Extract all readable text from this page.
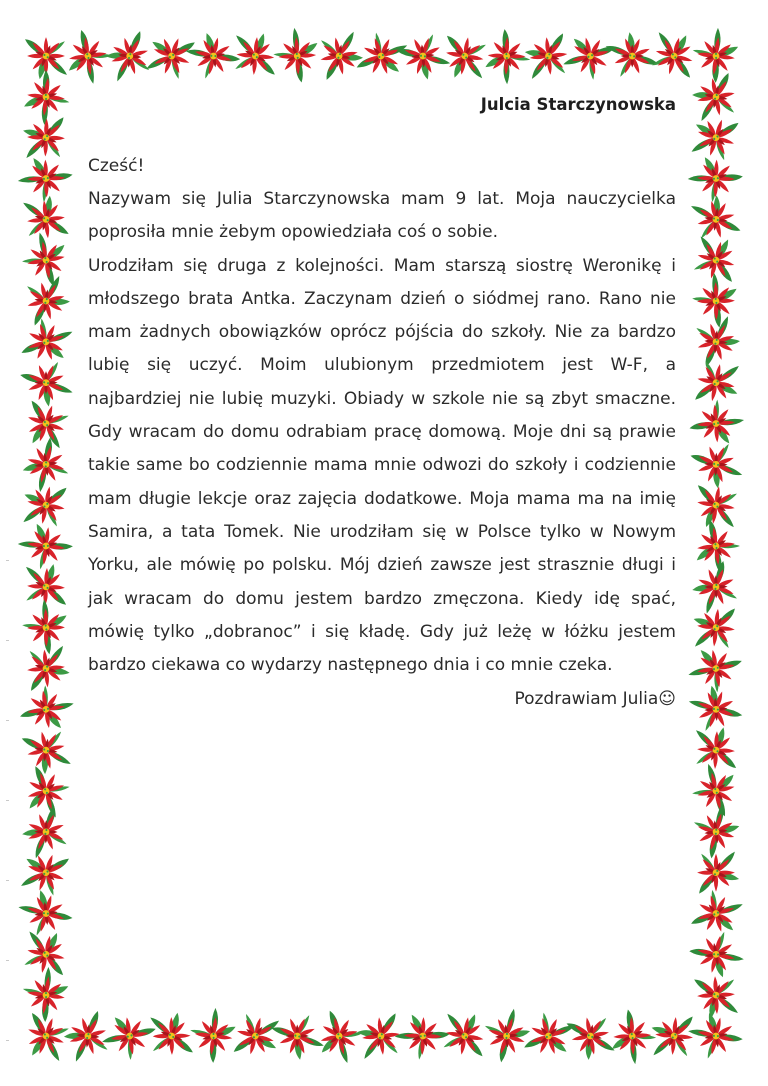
Julcia Starczynowska

Cześć!

Nazywam się Julia Starczynowska mam 9 lat. Moja nauczycielka poprosiła mnie żebym opowiedziała coś o sobie.

Urodziłam się druga z kolejności. Mam starszą siostrę Weronikę i młodszego brata Antka. Zaczynam dzień o siódmej rano. Rano nie mam żadnych obowiązków oprócz pójścia do szkoły. Nie za bardzo lubię się uczyć. Moim ulubionym przedmiotem jest W-F, a najbardziej nie lubię muzyki. Obiady w szkole nie są zbyt smaczne. Gdy wracam do domu odrabiam pracę domową. Moje dni są prawie takie same bo codziennie mama mnie odwozi do szkoły i codziennie mam długie lekcje oraz zajęcia dodatkowe. Moja mama ma na imię Samira, a tata Tomek. Nie urodziłam się w Polsce tylko w Nowym Yorku, ale mówię po polsku. Mój dzień zawsze jest strasznie długi i jak wracam do domu jestem bardzo zmęczona. Kiedy idę spać, mówię tylko „dobranoc” i się kładę. Gdy już leżę w łóżku jestem bardzo ciekawa co wydarzy następnego dnia i co mnie czeka.

Pozdrawiam Julia☺
